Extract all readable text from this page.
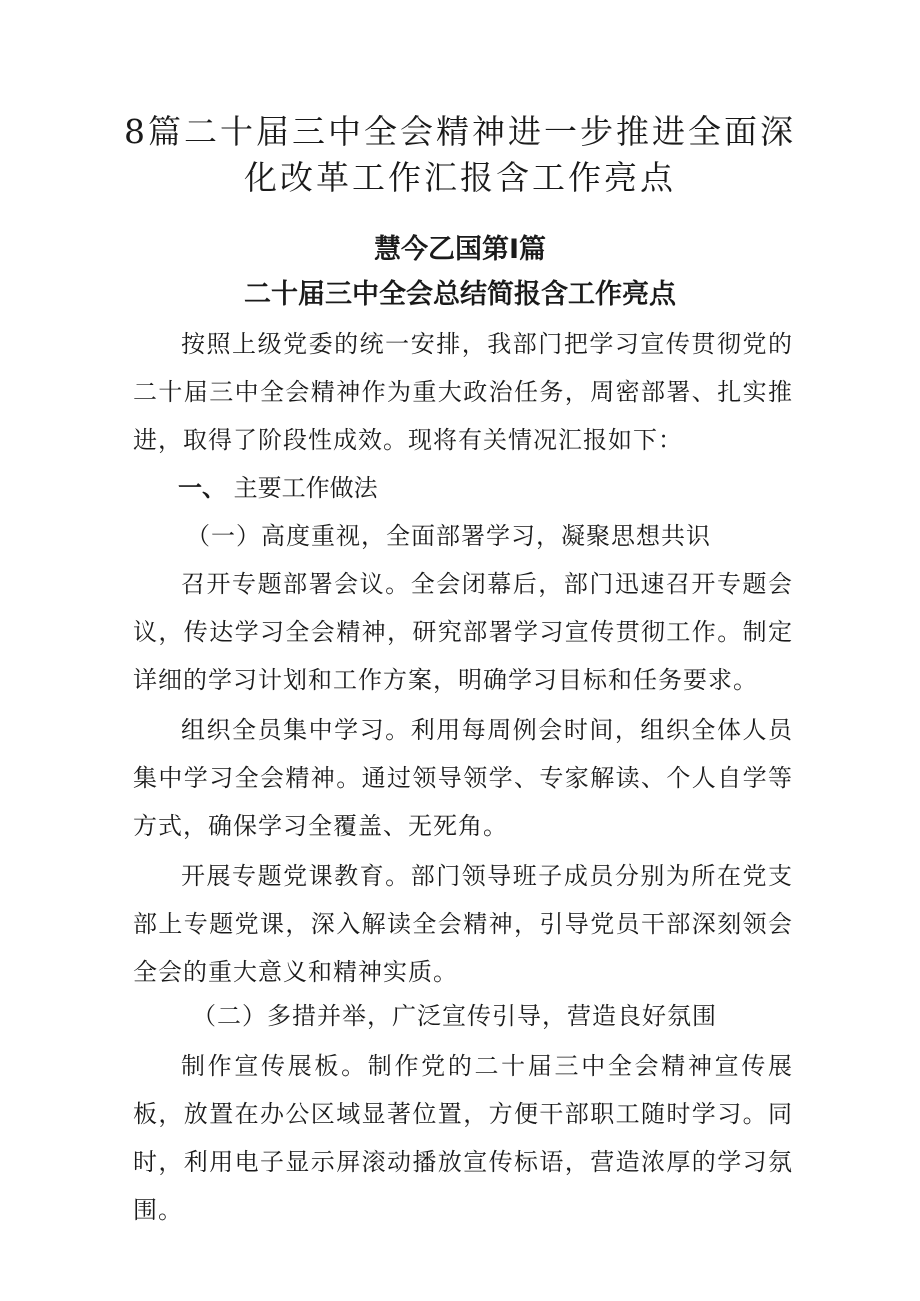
8篇二十届三中全会精神进一步推进全面深
化改革工作汇报含工作亮点
慧今乙国第I篇
二十届三中全会总结简报含工作亮点

按照上级党委的统一安排，我部门把学习宣传贯彻党的二十届三中全会精神作为重大政治任务，周密部署、扎实推进，取得了阶段性成效。现将有关情况汇报如下：

一、 主要工作做法
（一）高度重视，全面部署学习，凝聚思想共识

召开专题部署会议。全会闭幕后，部门迅速召开专题会议，传达学习全会精神，研究部署学习宣传贯彻工作。制定详细的学习计划和工作方案，明确学习目标和任务要求。

组织全员集中学习。利用每周例会时间，组织全体人员集中学习全会精神。通过领导领学、专家解读、个人自学等方式，确保学习全覆盖、无死角。

开展专题党课教育。部门领导班子成员分别为所在党支部上专题党课，深入解读全会精神，引导党员干部深刻领会全会的重大意义和精神实质。

（二）多措并举，广泛宣传引导，营造良好氛围

制作宣传展板。制作党的二十届三中全会精神宣传展板，放置在办公区域显著位置，方便干部职工随时学习。同时，利用电子显示屏滚动播放宣传标语，营造浓厚的学习氛围。
